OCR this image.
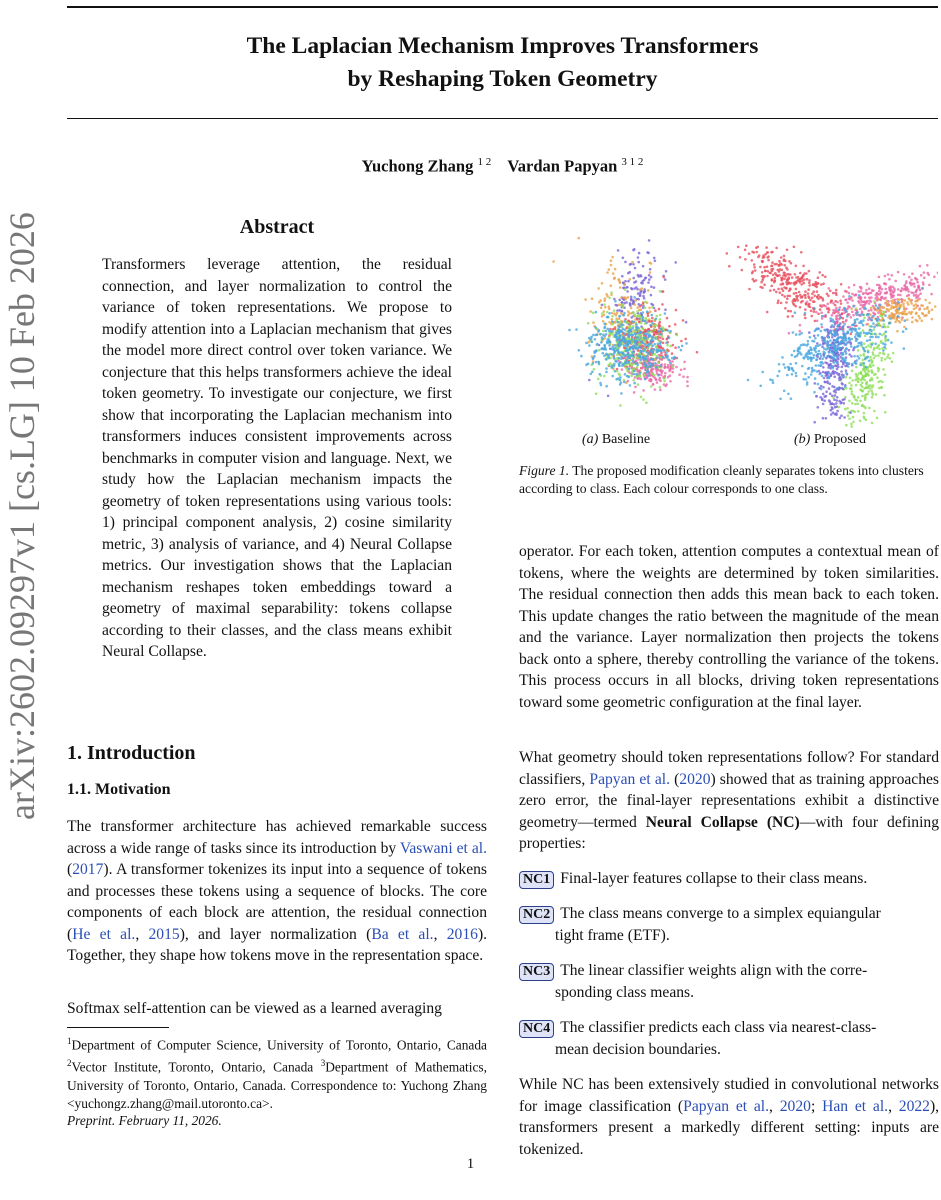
arXiv:2602.09297v1 [cs.LG] 10 Feb 2026
The Laplacian Mechanism Improves Transformers
by Reshaping Token Geometry
Yuchong Zhang $^{1 2}$ Vardan Papyan $^{3 1 2}$
Abstract
Transformers leverage attention, the residual connection, and layer normalization to control the variance of token representations. We propose to modify attention into a Laplacian mechanism that gives the model more direct control over token variance. We conjecture that this helps transformers achieve the ideal token geometry. To investigate our conjecture, we first show that incorporating the Laplacian mechanism into transformers induces consistent improvements across benchmarks in computer vision and language. Next, we study how the Laplacian mechanism impacts the geometry of token representations using various tools: 1) principal component analysis, 2) cosine similarity metric, 3) analysis of variance, and 4) Neural Collapse metrics. Our investigation shows that the Laplacian mechanism reshapes token embeddings toward a geometry of maximal separability: tokens collapse according to their classes, and the class means exhibit Neural Collapse.
(a) Baseline	(b) Proposed
Figure 1. The proposed modification cleanly separates tokens into clusters according to class. Each colour corresponds to one class.
1. Introduction
1.1. Motivation
The transformer architecture has achieved remarkable success across a wide range of tasks since its introduction by Vaswani et al. (2017). A transformer tokenizes its input into a sequence of tokens and processes these tokens using a sequence of blocks. The core components of each block are attention, the residual connection (He et al., 2015), and layer normalization (Ba et al., 2016). Together, they shape how tokens move in the representation space.
Softmax self-attention can be viewed as a learned averaging
$^1$Department of Computer Science, University of Toronto, Ontario, Canada $^2$Vector Institute, Toronto, Ontario, Canada $^3$Department of Mathematics, University of Toronto, Ontario, Canada. Correspondence to: Yuchong Zhang <yuchongz.zhang@mail.utoronto.ca>.
Preprint. February 11, 2026.
operator. For each token, attention computes a contextual mean of tokens, where the weights are determined by token similarities. The residual connection then adds this mean back to each token. This update changes the ratio between the magnitude of the mean and the variance. Layer normalization then projects the tokens back onto a sphere, thereby controlling the variance of the tokens. This process occurs in all blocks, driving token representations toward some geometric configuration at the final layer.
What geometry should token representations follow? For standard classifiers, Papyan et al. (2020) showed that as training approaches zero error, the final-layer representations exhibit a distinctive geometry—termed Neural Collapse (NC)—with four defining properties:
NC1 Final-layer features collapse to their class means.
NC2 The class means converge to a simplex equiangular
tight frame (ETF).
NC3 The linear classifier weights align with the corre-
sponding class means.
NC4 The classifier predicts each class via nearest-class-
mean decision boundaries.
While NC has been extensively studied in convolutional networks for image classification (Papyan et al., 2020; Han et al., 2022), transformers present a markedly different setting: inputs are tokenized.
1
